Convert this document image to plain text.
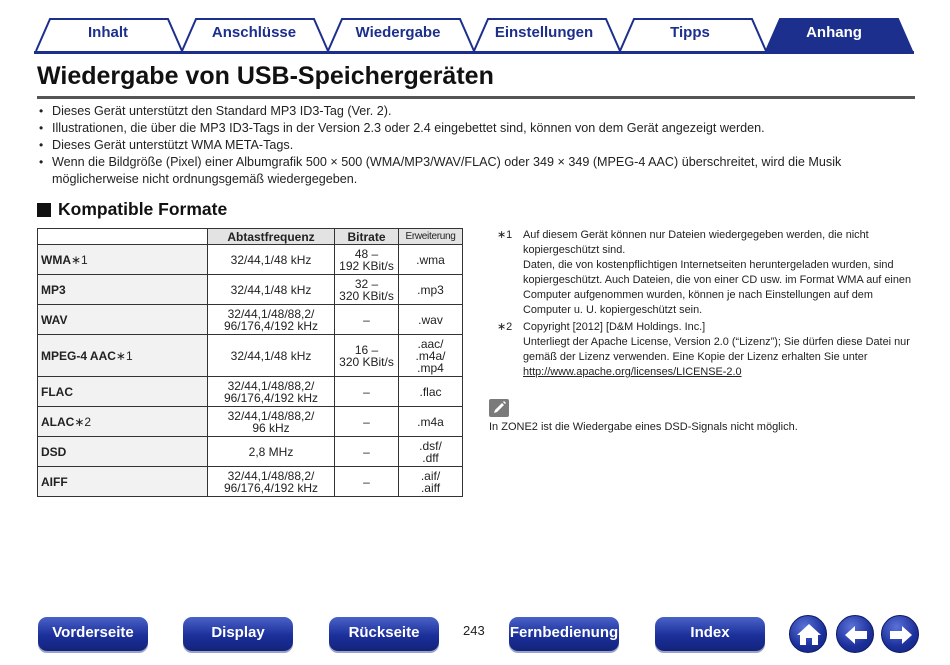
Inhalt	Anschlüsse	Wiedergabe	Einstellungen	Tipps	Anhang
Wiedergabe von USB-Speichergeräten
• Dieses Gerät unterstützt den Standard MP3 ID3-Tag (Ver. 2).
• Illustrationen, die über die MP3 ID3-Tags in der Version 2.3 oder 2.4 eingebettet sind, können von dem Gerät angezeigt werden.
• Dieses Gerät unterstützt WMA META-Tags.
• Wenn die Bildgröße (Pixel) einer Albumgrafik 500 × 500 (WMA/MP3/WAV/FLAC) oder 349 × 349 (MPEG-4 AAC) überschreitet, wird die Musik möglicherweise nicht ordnungsgemäß wiedergegeben.
Kompatible Formate
	Abtastfrequenz	Bitrate	Erweiterung
WMA∗1	32/44,1/48 kHz	48 –
192 KBit/s	.wma
MP3	32/44,1/48 kHz	32 –
320 KBit/s	.mp3
WAV	32/44,1/48/88,2/
96/176,4/192 kHz	–	.wav
MPEG-4 AAC∗1	32/44,1/48 kHz	16 –
320 KBit/s	.aac/
.m4a/
.mp4
FLAC	32/44,1/48/88,2/
96/176,4/192 kHz	–	.flac
ALAC∗2	32/44,1/48/88,2/
96 kHz	–	.m4a
DSD	2,8 MHz	–	.dsf/
.dff
AIFF	32/44,1/48/88,2/
96/176,4/192 kHz	–	.aif/
.aiff
∗1 Auf diesem Gerät können nur Dateien wiedergegeben werden, die nicht kopiergeschützt sind.
Daten, die von kostenpflichtigen Internetseiten heruntergeladen wurden, sind kopiergeschützt. Auch Dateien, die von einer CD usw. im Format WMA auf einen Computer aufgenommen wurden, können je nach Einstellungen auf dem Computer u. U. kopiergeschützt sein.
∗2 Copyright [2012] [D&M Holdings. Inc.]
Unterliegt der Apache License, Version 2.0 (“Lizenz”); Sie dürfen diese Datei nur gemäß der Lizenz verwenden. Eine Kopie der Lizenz erhalten Sie unter
http://www.apache.org/licenses/LICENSE-2.0
In ZONE2 ist die Wiedergabe eines DSD-Signals nicht möglich.
Vorderseite	Display	Rückseite	243 Fernbedienung	Index
